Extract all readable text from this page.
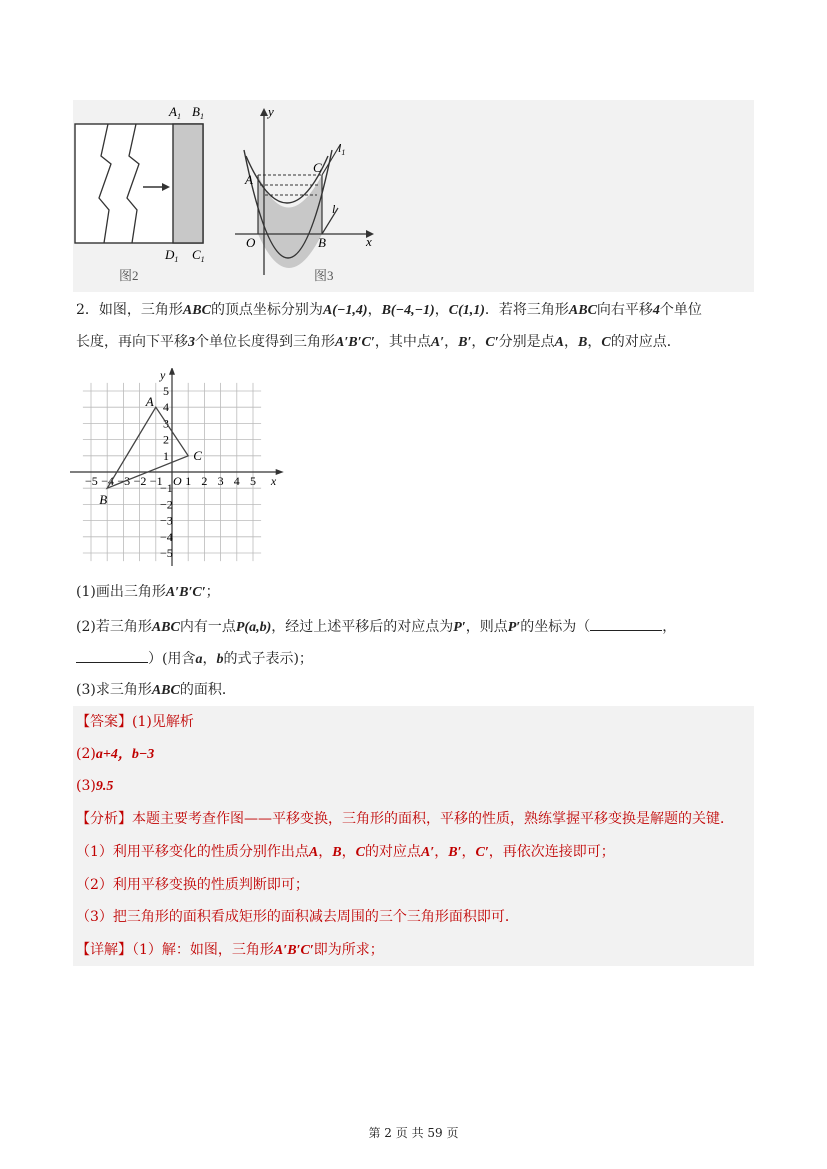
$A_1$ $B_1$
$D_1$ $C_1$
图2
y
x
O
A
B
C
$l_1$
l
图3
2．如图，三角形ABC的顶点坐标分别为A(−1,4)，B(−4,−1)，C(1,1)．若将三角形ABC向右平移4个单位
长度，再向下平移3个单位长度得到三角形A′B′C′，其中点A′，B′，C′分别是点A，B，C的对应点．
y
x
−5 −4 −3 −2 −1 O 1 2 3 4 5
5
4
3
2
1
−1
−2
−3
−4
−5
A
B
C
(1)画出三角形A′B′C′；
(2)若三角形ABC内有一点P(a,b)，经过上述平移后的对应点为P′，则点P′的坐标为（	，
）(用含a，b的式子表示)；
(3)求三角形ABC的面积．
【答案】(1)见解析
(2)a+4，b−3
(3)9.5
【分析】本题主要考查作图——平移变换，三角形的面积，平移的性质，熟练掌握平移变换是解题的关键．
（1）利用平移变化的性质分别作出点A，B，C的对应点A′，B′，C′，再依次连接即可；
（2）利用平移变换的性质判断即可；
（3）把三角形的面积看成矩形的面积减去周围的三个三角形面积即可．
【详解】（1）解：如图，三角形A′B′C′即为所求；
第 2 页 共 59 页
